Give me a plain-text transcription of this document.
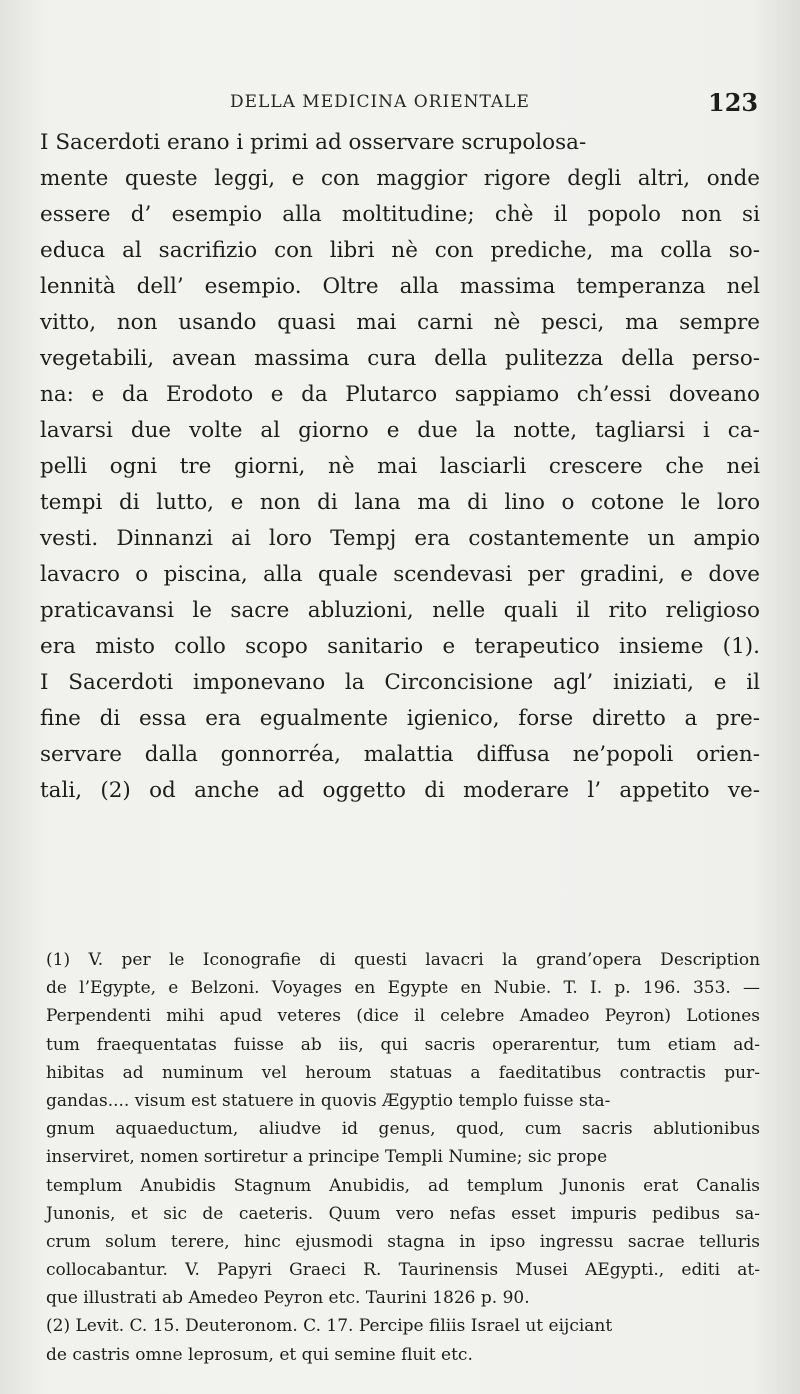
DELLA MEDICINA ORIENTALE	123
I Sacerdoti erano i primi ad osservare scrupolosa-
mente queste leggi, e con maggior rigore degli altri, onde
essere d’ esempio alla moltitudine; chè il popolo non si
educa al sacrifizio con libri nè con prediche, ma colla so-
lennità dell’ esempio. Oltre alla massima temperanza nel
vitto, non usando quasi mai carni nè pesci, ma sempre
vegetabili, avean massima cura della pulitezza della perso-
na: e da Erodoto e da Plutarco sappiamo ch’essi doveano
lavarsi due volte al giorno e due la notte, tagliarsi i ca-
pelli ogni tre giorni, nè mai lasciarli crescere che nei
tempi di lutto, e non di lana ma di lino o cotone le loro
vesti. Dinnanzi ai loro Tempj era costantemente un ampio
lavacro o piscina, alla quale scendevasi per gradini, e dove
praticavansi le sacre abluzioni, nelle quali il rito religioso
era misto collo scopo sanitario e terapeutico insieme (1).
I Sacerdoti imponevano la Circoncisione agl’ iniziati, e il
fine di essa era egualmente igienico, forse diretto a pre-
servare dalla gonnorréa, malattia diffusa ne’popoli orien-
tali, (2) od anche ad oggetto di moderare l’ appetito ve-
(1) V. per le Iconografie di questi lavacri la grand’opera Description
de l’Egypte, e Belzoni. Voyages en Egypte en Nubie. T. I. p. 196. 353. —
Perpendenti mihi apud veteres (dice il celebre Amadeo Peyron) Lotiones
tum fraequentatas fuisse ab iis, qui sacris operarentur, tum etiam ad-
hibitas ad numinum vel heroum statuas a faeditatibus contractis pur-
gandas.... visum est statuere in quovis Ægyptio templo fuisse sta-
gnum aquaeductum, aliudve id genus, quod, cum sacris ablutionibus
inserviret, nomen sortiretur a principe Templi Numine; sic prope
templum Anubidis Stagnum Anubidis, ad templum Junonis erat Canalis
Junonis, et sic de caeteris. Quum vero nefas esset impuris pedibus sa-
crum solum terere, hinc ejusmodi stagna in ipso ingressu sacrae telluris
collocabantur. V. Papyri Graeci R. Taurinensis Musei AEgypti., editi at-
que illustrati ab Amedeo Peyron etc. Taurini 1826 p. 90.
(2) Levit. C. 15. Deuteronom. C. 17. Percipe filiis Israel ut eijciant
de castris omne leprosum, et qui semine fluit etc.
